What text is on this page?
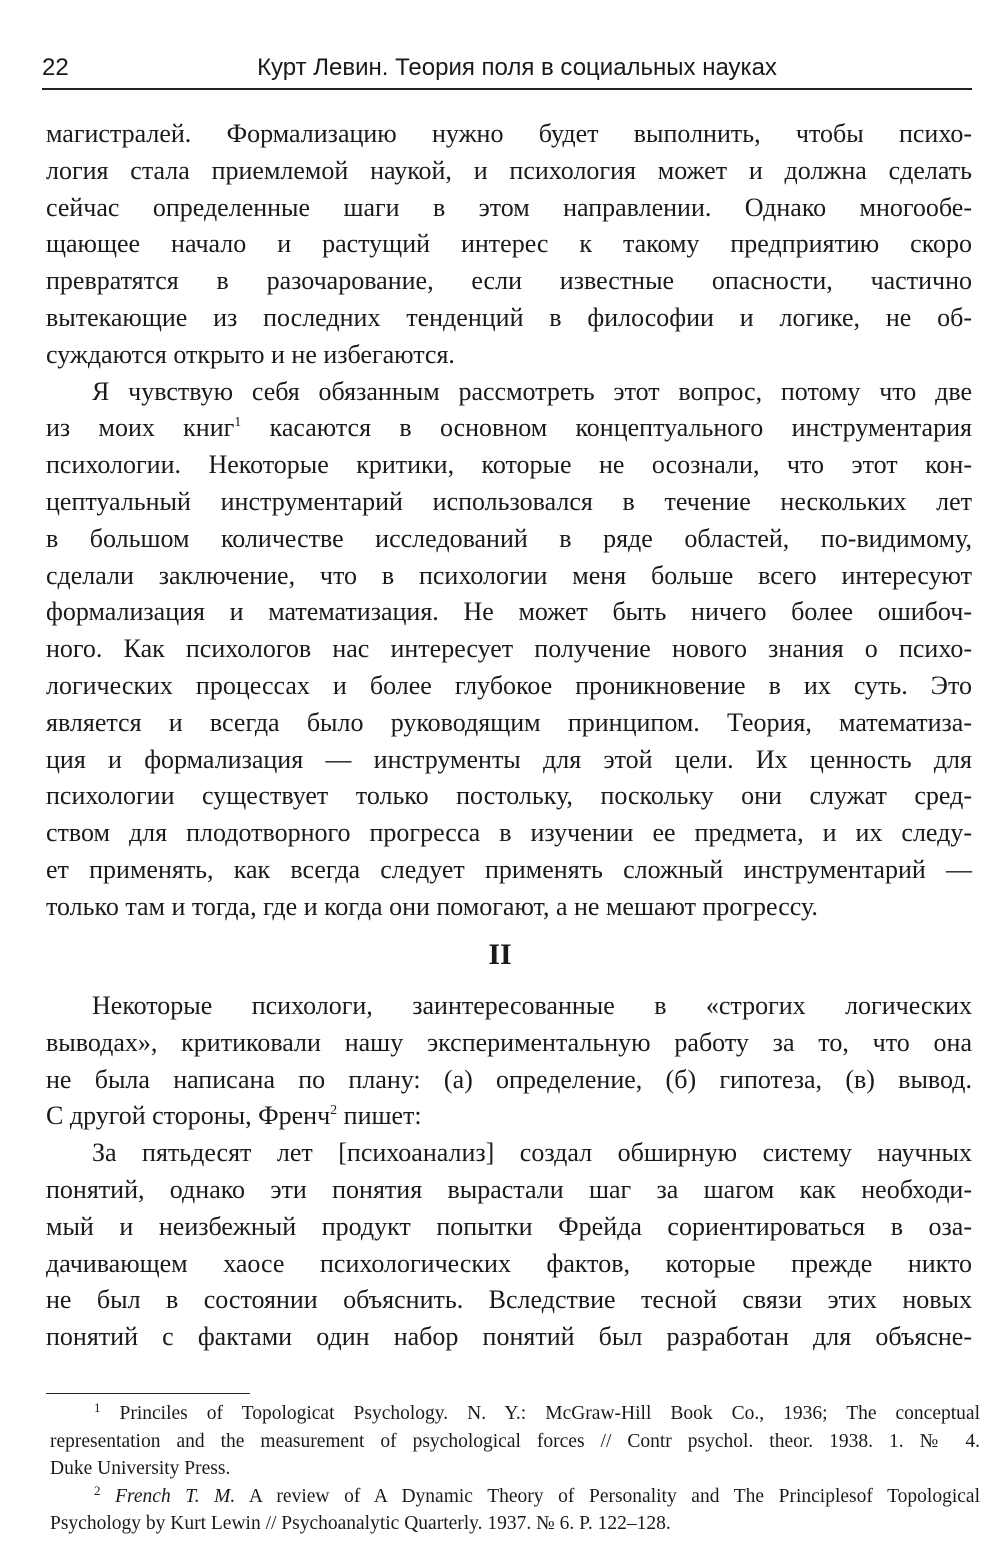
22	Курт Левин. Теория поля в социальных науках

магистралей. Формализацию нужно будет выполнить, чтобы психо-
логия стала приемлемой наукой, и психология может и должна сделать
сейчас определенные шаги в этом направлении. Однако многообе-
щающее начало и растущий интерес к такому предприятию скоро
превратятся в разочарование, если известные опасности, частично
вытекающие из последних тенденций в философии и логике, не об-
суждаются открыто и не избегаются.

Я чувствую себя обязанным рассмотреть этот вопрос, потому что две
из моих книг$^1$ касаются в основном концептуального инструментария
психологии. Некоторые критики, которые не осознали, что этот кон-
цептуальный инструментарий использовался в течение нескольких лет
в большом количестве исследований в ряде областей, по-видимому,
сделали заключение, что в психологии меня больше всего интересуют
формализация и математизация. Не может быть ничего более ошибоч-
ного. Как психологов нас интересует получение нового знания о психо-
логических процессах и более глубокое проникновение в их суть. Это
является и всегда было руководящим принципом. Теория, математиза-
ция и формализация — инструменты для этой цели. Их ценность для
психологии существует только постольку, поскольку они служат сред-
ством для плодотворного прогресса в изучении ее предмета, и их следу-
ет применять, как всегда следует применять сложный инструментарий —
только там и тогда, где и когда они помогают, а не мешают прогрессу.

II

Некоторые психологи, заинтересованные в «строгих логических
выводах», критиковали нашу экспериментальную работу за то, что она
не была написана по плану: (а) определение, (б) гипотеза, (в) вывод.
С другой стороны, Френч$^2$ пишет:

За пятьдесят лет [психоанализ] создал обширную систему научных
понятий, однако эти понятия вырастали шаг за шагом как необходи-
мый и неизбежный продукт попытки Фрейда сориентироваться в оза-
дачивающем хаосе психологических фактов, которые прежде никто
не был в состоянии объяснить. Вследствие тесной связи этих новых
понятий с фактами один набор понятий был разработан для объясне-

$^1$ Princiles of Topologicat Psychology. N. Y.: McGraw-Hill Book Co., 1936; The conceptual
representation and the measurement of psychological forces // Contr psychol. theor. 1938. 1. № 4.
Duke University Press.
$^2$ French T. M. A review of A Dynamic Theory of Personality and The Principlesof Topological
Psychology by Kurt Lewin // Psychoanalytic Quarterly. 1937. № 6. P. 122–128.
